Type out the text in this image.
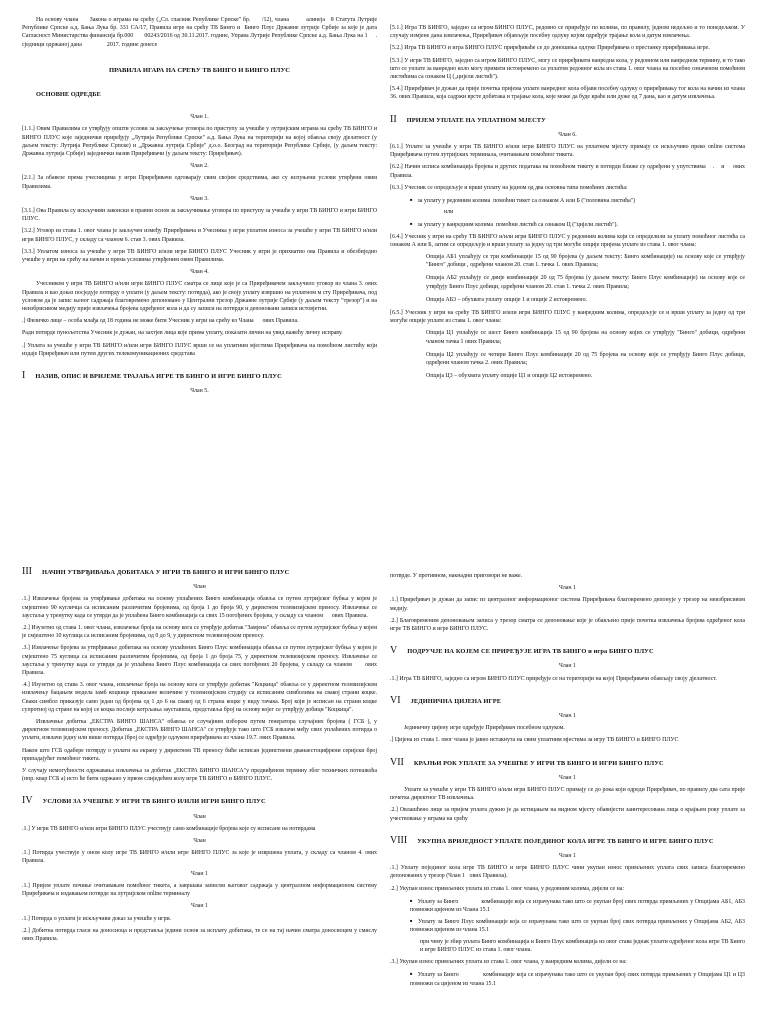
На основу члана      Закона о играма на срећу („Сл. гласник Републике Српске" бр.      /12), члана         алинеја   8 Статута Лутрије Републике Српске а.д. Бања Лука бр. 331 СА/17, Правила игре на срећу ТВ Бинго и  Бинго Плус Државне лутрије Србије за које је дата Сагласност Министарства финансија бр.000       00243/2016 од 30.11.2017. године, Управа Лутрије Републике Српске а.д. Бања Лука на 1     . сједници одржаној дана                 2017. године донесе

ПРАВИЛА ИГАРА НА СРЕЋУ ТВ БИНГО И БИНГО ПЛУС
ОСНОВНЕ ОДРЕДБЕ

Члан 1.

[1.1.] Овим Правилима се утврђују општи услови за закључење уговора по приступу за учешће у лутријским играма на срећу ТВ БИНГО и БИНГО ПЛУС које заједнички приређују „Лутрија Републике Српске" а.д. Бања Лука на територији на којој обавља своју дјелатност (у даљем тексту: Лутрија Републике Српске) и „Државна лутрија Србије" д.о.о. Београд на територији Републике Србије, (у даљем тексту: Државна лутрија Србије) заједнички назив Приређивачи (у даљем тексту: Приређивач).

Члан 2.

[2.1.] За обавезе према учесницима у игри Приређивачи одговарају свим својим средствима, ако су испуњени услови утврђени овим Правилима.

Члан 3.

[3.1.] Ова Правила су искључиви законски и правни основ за закључивање уговора по приступу за учешће у игри ТВ БИНГО и игри БИНГО ПЛУС.

[3.2.] Уговор из става 1. овог члана је закључен између Приређивача и Учесника у игри уплатом износа за учешће у игри ТВ БИНГО и/или игри БИНГО ПЛУС, у складу са чланом 6. став 3. ових Правила.

[3.3.] Уплатом износа за учешће у игри ТВ БИНГО и/или игри БИНГО ПЛУС Учесник у игри је прихватио ова Правила и обезбиједио учешће у игри на срећу на начин и према условима утврђеним овим Правилима.

Члан 4.

Учесником у игри ТВ БИНГО и/или игри БИНГО ПЛУС сматра се лице које је са Приређивачем закључило уговор из члана 3. ових Правила и као доказ посједује потврду о уплати (у даљем тексту: потврда), ако је своју уплату извршио на уплатном м сту Приређивача, под условом да је запис њеног садржаја благовремено депоновано у Централни трезор Државне лутрије Србије (у даљем тексту "трезор") и на неизбрисивом медију прије извлачења бројева одређеног кола и да су записи на потврди и депоновани записи истовјетни.

.] Физичко лице – особа млађа од 18 година не може бити Учесник у игри на срећу из Члана      ових Правила.

Ради потврде пунољетства Учесник је дужан, на захтјев лица које прима уплату, показати лични на увид важећу личну исправу.

.] Уплата за учешће у игри ТВ БИНГО и/или игри БИНГО ПЛУС врши се на уплатним мјестима Приређивача на помоћном листићу који издаје Приређивач или путем других телекомуникационих средстава

I НАЗИВ, ОПИС И ВРИЈЕМЕ ТРАЈАЊА ИГРЕ ТВ БИНГО И ИГРЕ БИНГО ПЛУС

Члан 5.

[5.1.] Игра ТВ БИНГО, заједно са игром БИНГО ПЛУС, редовно се приређује по колима, по правилу, једном недељно и то понедељком. У случају измјене дана извлачења, Приређивач објављује посебну одлуку којом одређује трајање кола и датум извлачења.

[5.2.] Игра ТВ БИНГО и игра БИНГО ПЛУС приређиваће се до доношења одлуке Приређивача о престанку приређивања игре.

[5.3.] У игри ТВ БИНГО, заједно са игром БИНГО ПЛУС, могу се приређивати ванредна кола, у редовном или ванредном термину, и то тако што се уплате за ванредно коло могу примати истовремено са уплатом редовног кола из става 1. овог члана на посебно означеном помоћном листићима са ознаком Ц („цијели листић").

[5.4.] Приређивач је дужан да прије почетка пријема уплате ванредног кола објави посебну одлуку о приређивању тог кола на начин из члана 36. ових Правила, која садржи врсте добитака и трајање кола, које може да буде краће или дуже од 7 дана, као и датум извлачења.

II ПРИЈЕМ УПЛАТЕ НА УПЛАТНОМ МЈЕСТУ

Члан 6.

[6.1.] Уплате за учешће у игри ТВ БИНГО и/или игри БИНГО ПЛУС на уплатном мјесту примају се искључиво преко online система Приређивача путем лутријских терминала, очитавањем помоћног тикета.

[6.2.] Начин исписа комбинација бројева и других података на помоћном тикету и потврди ближе су одређени у упутствима    .    и     ових Правила.

[6.3.] Учесник се опредељује и врши уплату на једном од два основна типа помоћних листића:

■ за уплату у редовним колима  помоћни тикет са ознаком А или Б ("половина листића")

или

■ за уплату у ванредним колима  помоћни листић са ознаком Ц ("цијели листић").

[6.4.] Учесник у игри на срећу ТВ БИНГО и/или игри БИНГО ПЛУС у редовним колима који се определили за уплату помоћног листића са ознаком А или Б, затим се опредељује и врши уплату за једну од три могуће опције пријема уплате из става 1. овог члана:

Опција АБ1 уплаћују се три комбинације 15 од 90 бројева (у даљем тексту: Бинго комбинације) на основу које се утврђују "Бинго" добици , одређени чланом 20. став 1. тачка 1. ових Правила;

Опција АБ2 уплаћују се двије комбинације 20 од 75 бројева (у даљем тексту: Бинго Плус комбинације) на основу које се утврђују Бинго Плус добици, одређени чланом 20. став 1. тачка 2. ових Правила;

Опција АБ3 – обухвата уплату опције 1 и опције 2 истовремено.

[6.5.] Учесник у игри на срећу ТВ БИНГО и/или игри БИНГО ПЛУС у ванредним колима, опредељује се и врши уплату за једну од три могуће опције уплате из става 1. овог члана:

Опција Ц1 уплаћује се шест Бинго комбинација 15 од 90 бројева на основу којих се утврђују "Бинго" добици, одређени чланом тачка 1 ових Правила;

Опција Ц2 уплаћују се четири Бинго Плус комбинације 20 од 75 бројева на основу које се утврђују Бинго Плус добици, одређени чланом тачка 2. ових Правила;

Опција Ц3 – обухвата уплату опције Ц1 и опције Ц2 истовремено.

III НАЧИН УТВРЂИВАЊА ДОБИТАКА У ИГРИ ТВ БИНГО И ИГРИ БИНГО ПЛУС

Члан

.1.] Извлачење бројева за утврђивање добитака на основу уплаћених Бинго комбинација обавља се путем лутријског бубња у којем је смјештено 90 кугличца са исписаним различитим бројевима, од броја 1 до броја 90, у директном телевизијском преносу. Извлачење се заустаља у тренутку када се утврди да је уплаћена Бинго комбинација са свих 15 погођених бројева, у складу са чланом      ових Правила.

.2.] Изузетно од става 1. овог члана, извлачење броја на основу кога се утврђује добитак "Замјена" обавља се путем лутријског бубња у којем је смјештено 10 куглица са исписаним бројевима, од 0 до 9, у директном телевизијском преносу.

.3.] Извлачење бројева за утврђивање добитака на основу уплаћених Бинго Плус комбинација обавља се путем лутријског бубња у којем је смјештено 75 куглица са исписаним различитим бројевима, од броја 1 до броја 75, у директном телевизијском преносу. Извлачење се заустаља у тренутку када се утврди да је уплаћена Бинго Плус комбинација са свих погођених 20 бројева, у складу са чланом      ових Правила.

.4.] Изузетно од става 3. овог члана, извлачење броја на основу кога се утврђује добитак "Коцкица" обавља се у директном телевизијском извлачењу бацањем модела замб коцкице приказане величине у телевизијском студију са исписаним симболима на свакој страни коцке. Сваки симбол приказује само један од бројева од 1 до 6 на свакој од 6 страна коцке у виду тачака. Број који је исписан на страни коцке супротној од стране на којој се коцка послије котрљања зауставила, представља број на основу којег се утврђују добици "Коцкица".

Извлачење добитка „ЕКСТРА БИНГО ШАНСА" обавља се случајним избором путем генератора случајних бројева ( ГСБ ), у директном телевизијском преносу. Добитак „ЕКСТРА БИНГО ШАНСА" се утврђује тако што ГСБ извлачи међу свих уплаћених потврда о уплати, извлачи једну или више потврда (број се одређује одлуком приређивача из члана 19.7. ових Правила.

Након што ГСБ одабере потврду о уплати на екрану у директном ТВ преносу биће исписан јединствени дванаестоцифрени серијски број припадајућег помоћног тикета.

У случају немогућности одржавања извлачења за добитак „ЕКСТРА БИНГО ШАНСА"у предвиђеном термину због техничких потешкоћа (нпр. квар ГСБ а) исто ће бити одржано у првом слиједећем колу игре ТВ БИНГО и БИНГО ПЛУС.

IV УСЛОВИ ЗА УЧЕШЋЕ У ИГРИ ТВ БИНГО И/ИЛИ ИГРИ БИНГО ПЛУС

Члан

.1.] У игри ТВ БИНГО и/или игри БИНГО ПЛУС учествују само комбинације бројева које су исписане на потврдама

Члан

.1.] Потврда учествује у оном колу игре ТВ БИНГО и/или игре БИНГО ПЛУС за које је извршена уплата, у складу са чланом 4. ових Правила.

Члан 1

.1.] Пријем уплате почиње очитавањем помоћног тикета, а завршава записом његовог садржаја у централном информационом систему Приређивача и издавањем потврде на лутријском online терминалу

Члан 1

.1.] Потврда о уплати је искључиви доказ за учешће у игри.

.2.] Добитна потврда гласи на доносиоца и представља једини основ за исплату добитака, те се на тај начин сматра доносиоцем у смислу ових Правила.

потврде. У противном, накнадни приговори не важе.

Члан 1

.1.] Приређивач је дужан да запис из централног информационог система Приређивача благовремено депонује у трезор на неизбрисивом медију.

.2.] Благовременим депоновањем записа у трезор сматра се депоновање које је обављено прије почетка извлачења бројева одређеног кола игре ТВ БИНГО и игре БИНГО ПЛУС.

V ПОДРУЧЈЕ НА КОЈЕМ СЕ ПРИРЕЂУЈЕ ИГРА ТВ БИНГО и игра БИНГО ПЛУС

Члан 1

.1.] Игра ТВ БИНГО, заједно са игром БИНГО ПЛУС приређује се на територији на којој Приређивачи обављају своју дјелатност.

VI ЈЕДИНИЧНА ЦИЈЕНА ИГРЕ

Члан 1

Јединичну цијену игре одређује Приређивач посебном одлуком.

.] Цијена из става 1. овог члана је јавно истакнута на свим уплатним мјестима за игру ТВ БИНГО и БИНГО ПЛУС

VII КРАЈЊИ РОК УПЛАТЕ ЗА УЧЕШЋЕ У ИГРИ ТВ БИНГО И ИГРИ БИНГО ПЛУС

Члан 1

Уплате за учешће у игри ТВ БИНГО и/или игри БИНГО ПЛУС примају се до рока који одреди Приређивач, по правилу два сата прије почетка директног ТВ извлачења.

.2.] Овлашћено лице за пријем уплата дужно је да истицањем на видном мјесту обавијести заинтересована лица о крајњем року уплате за учествовање у играма на срећу

VIII УКУПНА ВРИЈЕДНОСТ УПЛАТЕ ПОЈЕДИНОГ КОЛА ИГРЕ ТВ БИНГО И ИГРЕ БИНГО ПЛУС

Члан 1

.1.] Уплату појединог кола игре ТВ БИНГО и игре БИНГО ПЛУС чини укупан износ примљених уплата свих записа благовремено депонованих у трезор (Члан 1   ових Правила).

.2.] Укупан износ примљених уплата из става 1. овог члана, у редовним колима, дијели се на:

■ Уплату за Бинго              комбинације која се израчунава тако што се укупан број свих потврда примљених у Опцијама АБ1, АБ3 помножи цијеном из Члана 15.1

■ Уплату за Бинго Плус комбинације која се израчунава тако што се укупан број свих потврда примљених у Опцијама АБ2, АБ3 помножи цијеном из члана 15.1

при чему је збир уплата Бинго комбинација и Бинго Плус комбинација из овог става једнак уплати одређеног кола игре ТВ Бинго и игре БИНГО ПЛУС из става 1. овог члана.

.3.] Укупан износ примљених уплата из става 1. овог члана, у ванредним колима, дијели се на:

■ Уплату за Бинго              комбинације која се израчунава тако што се укупан број свих потврда примљених у Опцијама Ц1 и Ц3 помножи са цијеном из члана 15.1
